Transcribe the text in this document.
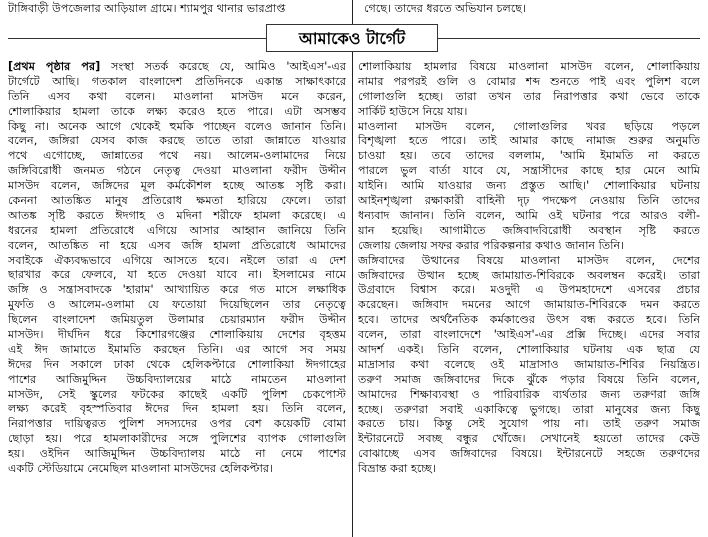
টাঙ্গিবাড়ী উপজেলার আড়িয়াল গ্রামে। শ্যামপুর থানার ভারপ্রাপ্ত	গেছে। তাদের ধরতে অভিযান চলছে।
আমাকেও টার্গেট
[প্রথম পৃষ্ঠার পর] সংস্থা সতর্ক করেছে যে, আমিও 'আইএস'-এর
টার্গেটে আছি। গতকাল বাংলাদেশ প্রতিদিনকে একান্ত সাক্ষাৎকারে
তিনি এসব কথা বলেন। মাওলানা মাসউদ মনে করেন,
শোলাকিয়ার হামলা তাকে লক্ষ্য করেও হতে পারে। এটা অসম্ভব
কিছু না। অনেক আগে থেকেই হুমকি পাচ্ছেন বলেও জানান তিনি।
বলেন, জঙ্গিরা যেসব কাজ করছে তাতে তারা জান্নাতে যাওয়ার
পথে এগোচ্ছে, জান্নাতের পথে নয়। আলেম-ওলামাদের নিয়ে
জঙ্গিবিরোধী জনমত গঠনে নেতৃত্ব দেওয়া মাওলানা ফরীদ উদ্দীন
মাসউদ বলেন, জঙ্গিদের মূল কর্মকৌশল হচ্ছে আতঙ্ক সৃষ্টি করা।
কেননা আতঙ্কিত মানুষ প্রতিরোধ ক্ষমতা হারিয়ে ফেলে। তারা
আতঙ্ক সৃষ্টি করতে ঈদগাহ ও মদিনা শরীফে হামলা করেছে। এ
ধরনের হামলা প্রতিরোধে এগিয়ে আসার আহ্বান জানিয়ে তিনি
বলেন, আতঙ্কিত না হয়ে এসব জঙ্গি হামলা প্রতিরোধে আমাদের
সবাইকে ঐক্যবদ্ধভাবে এগিয়ে আসতে হবে। নইলে তারা এ দেশ
ছারখার করে ফেলবে, যা হতে দেওয়া যাবে না। ইসলামের নামে
জঙ্গি ও সন্ত্রাসবাদকে 'হারাম' আখ্যায়িত করে গত মাসে লক্ষাধিক
মুফতি ও আলেম-ওলামা যে ফতোয়া দিয়েছিলেন তার নেতৃত্বে
ছিলেন বাংলাদেশ জমিয়তুল উলামার চেয়ারম্যান ফরীদ উদ্দীন
মাসউদ। দীর্ঘদিন ধরে কিশোরগঞ্জের শোলাকিয়ায় দেশের বৃহত্তম
এই ঈদ জামাতে ইমামতি করছেন তিনি। এর আগে সব সময়
ঈদের দিন সকালে ঢাকা থেকে হেলিকপ্টারে শোলাকিয়া ঈদগাহের
পাশের আজিমুদ্দিন উচ্চবিদ্যালয়ের মাঠে নামতেন মাওলানা
মাসউদ, সেই স্কুলের ফটকের কাছেই একটি পুলিশ চেকপোস্ট
লক্ষ্য করেই বৃহস্পতিবার ঈদের দিন হামলা হয়। তিনি বলেন,
নিরাপত্তার দায়িত্বরত পুলিশ সদস্যদের ওপর বেশ কয়েকটি বোমা
ছোড়া হয়। পরে হামলাকারীদের সঙ্গে পুলিশের ব্যাপক গোলাগুলি
হয়। ওইদিন আজিমুদ্দিন উচ্চবিদ্যালয় মাঠে না নেমে পাশের
একটি স্টেডিয়ামে নেমেছিল মাওলানা মাসউদের হেলিকপ্টার।
শোলাকিয়ায় হামলার বিষয়ে মাওলানা মাসউদ বলেন, শোলাকিয়ায়
নামার পরপরই গুলি ও বোমার শব্দ শুনতে পাই এবং পুলিশ বলে
গোলাগুলি হচ্ছে। তারা তখন তার নিরাপত্তার কথা ভেবে তাকে
সার্কিট হাউসে নিয়ে যায়।
মাওলানা মাসউদ বলেন, গোলাগুলির খবর ছড়িয়ে পড়লে
বিশৃঙ্খলা হতে পারে। তাই আমার কাছে নামাজ শুরুর অনুমতি
চাওয়া হয়। তবে তাদের বললাম, 'আমি ইমামতি না করতে
পারলে ভুল বার্তা যাবে যে, সন্ত্রাসীদের কাছে হার মেনে আমি
যাইনি। আমি যাওয়ার জন্য প্রস্তুত আছি।' শোলাকিয়ার ঘটনায়
আইনশৃঙ্খলা রক্ষাকারী বাহিনী দৃঢ় পদক্ষেপ নেওয়ায় তিনি তাদের
ধন্যবাদ জানান। তিনি বলেন, আমি ওই ঘটনার পরে আরও বলী-
য়ান হয়েছি। আগামীতে জঙ্গিবাদবিরোধী অবস্থান সৃষ্টি করতে
জেলায় জেলায় সফর করার পরিকল্পনার কথাও জানান তিনি।
জঙ্গিবাদের উত্থানের বিষয়ে মাওলানা মাসউদ বলেন, দেশের
জঙ্গিবাদের উত্থান হচ্ছে জামায়াত-শিবিরকে অবলম্বন করেই। তারা
উগ্রবাদে বিশ্বাস করে। মওদুদী এ উপমহাদেশে এসবের প্রচার
করেছেন। জঙ্গিবাদ দমনের আগে জামায়াত-শিবিরকে দমন করতে
হবে। তাদের অর্থনৈতিক কর্মকাণ্ডের উৎস বন্ধ করতে হবে। তিনি
বলেন, তারা বাংলাদেশে 'আইএস'-এর প্রক্সি দিচ্ছে। এদের সবার
আদর্শ একই। তিনি বলেন, শোলাকিয়ার ঘটনায় এক ছাত্র যে
মাদ্রাসার কথা বলেছে ওই মাদ্রাসাও জামায়াত-শিবির নিয়ন্ত্রিত।
তরুণ সমাজ জঙ্গিবাদের দিকে ঝুঁকে পড়ার বিষয়ে তিনি বলেন,
আমাদের শিক্ষাব্যবস্থা ও পারিবারিক ব্যর্থতার জন্য তরুণরা জঙ্গি
হচ্ছে। তরুণরা সবাই একাকিত্বে ভুগছে। তারা মানুষের জন্য কিছু
করতে চায়। কিন্তু সেই সুযোগ পায় না। তাই তরুণ সমাজ
ইন্টারনেটে সবচ্ছ বন্ধুর খোঁজে। সেখানেই হয়তো তাদের কেউ
বোঝাচ্ছে এসব জঙ্গিবাদের বিষয়ে। ইন্টারনেটে সহজে তরুণদের
বিভ্রান্ত করা হচ্ছে।
